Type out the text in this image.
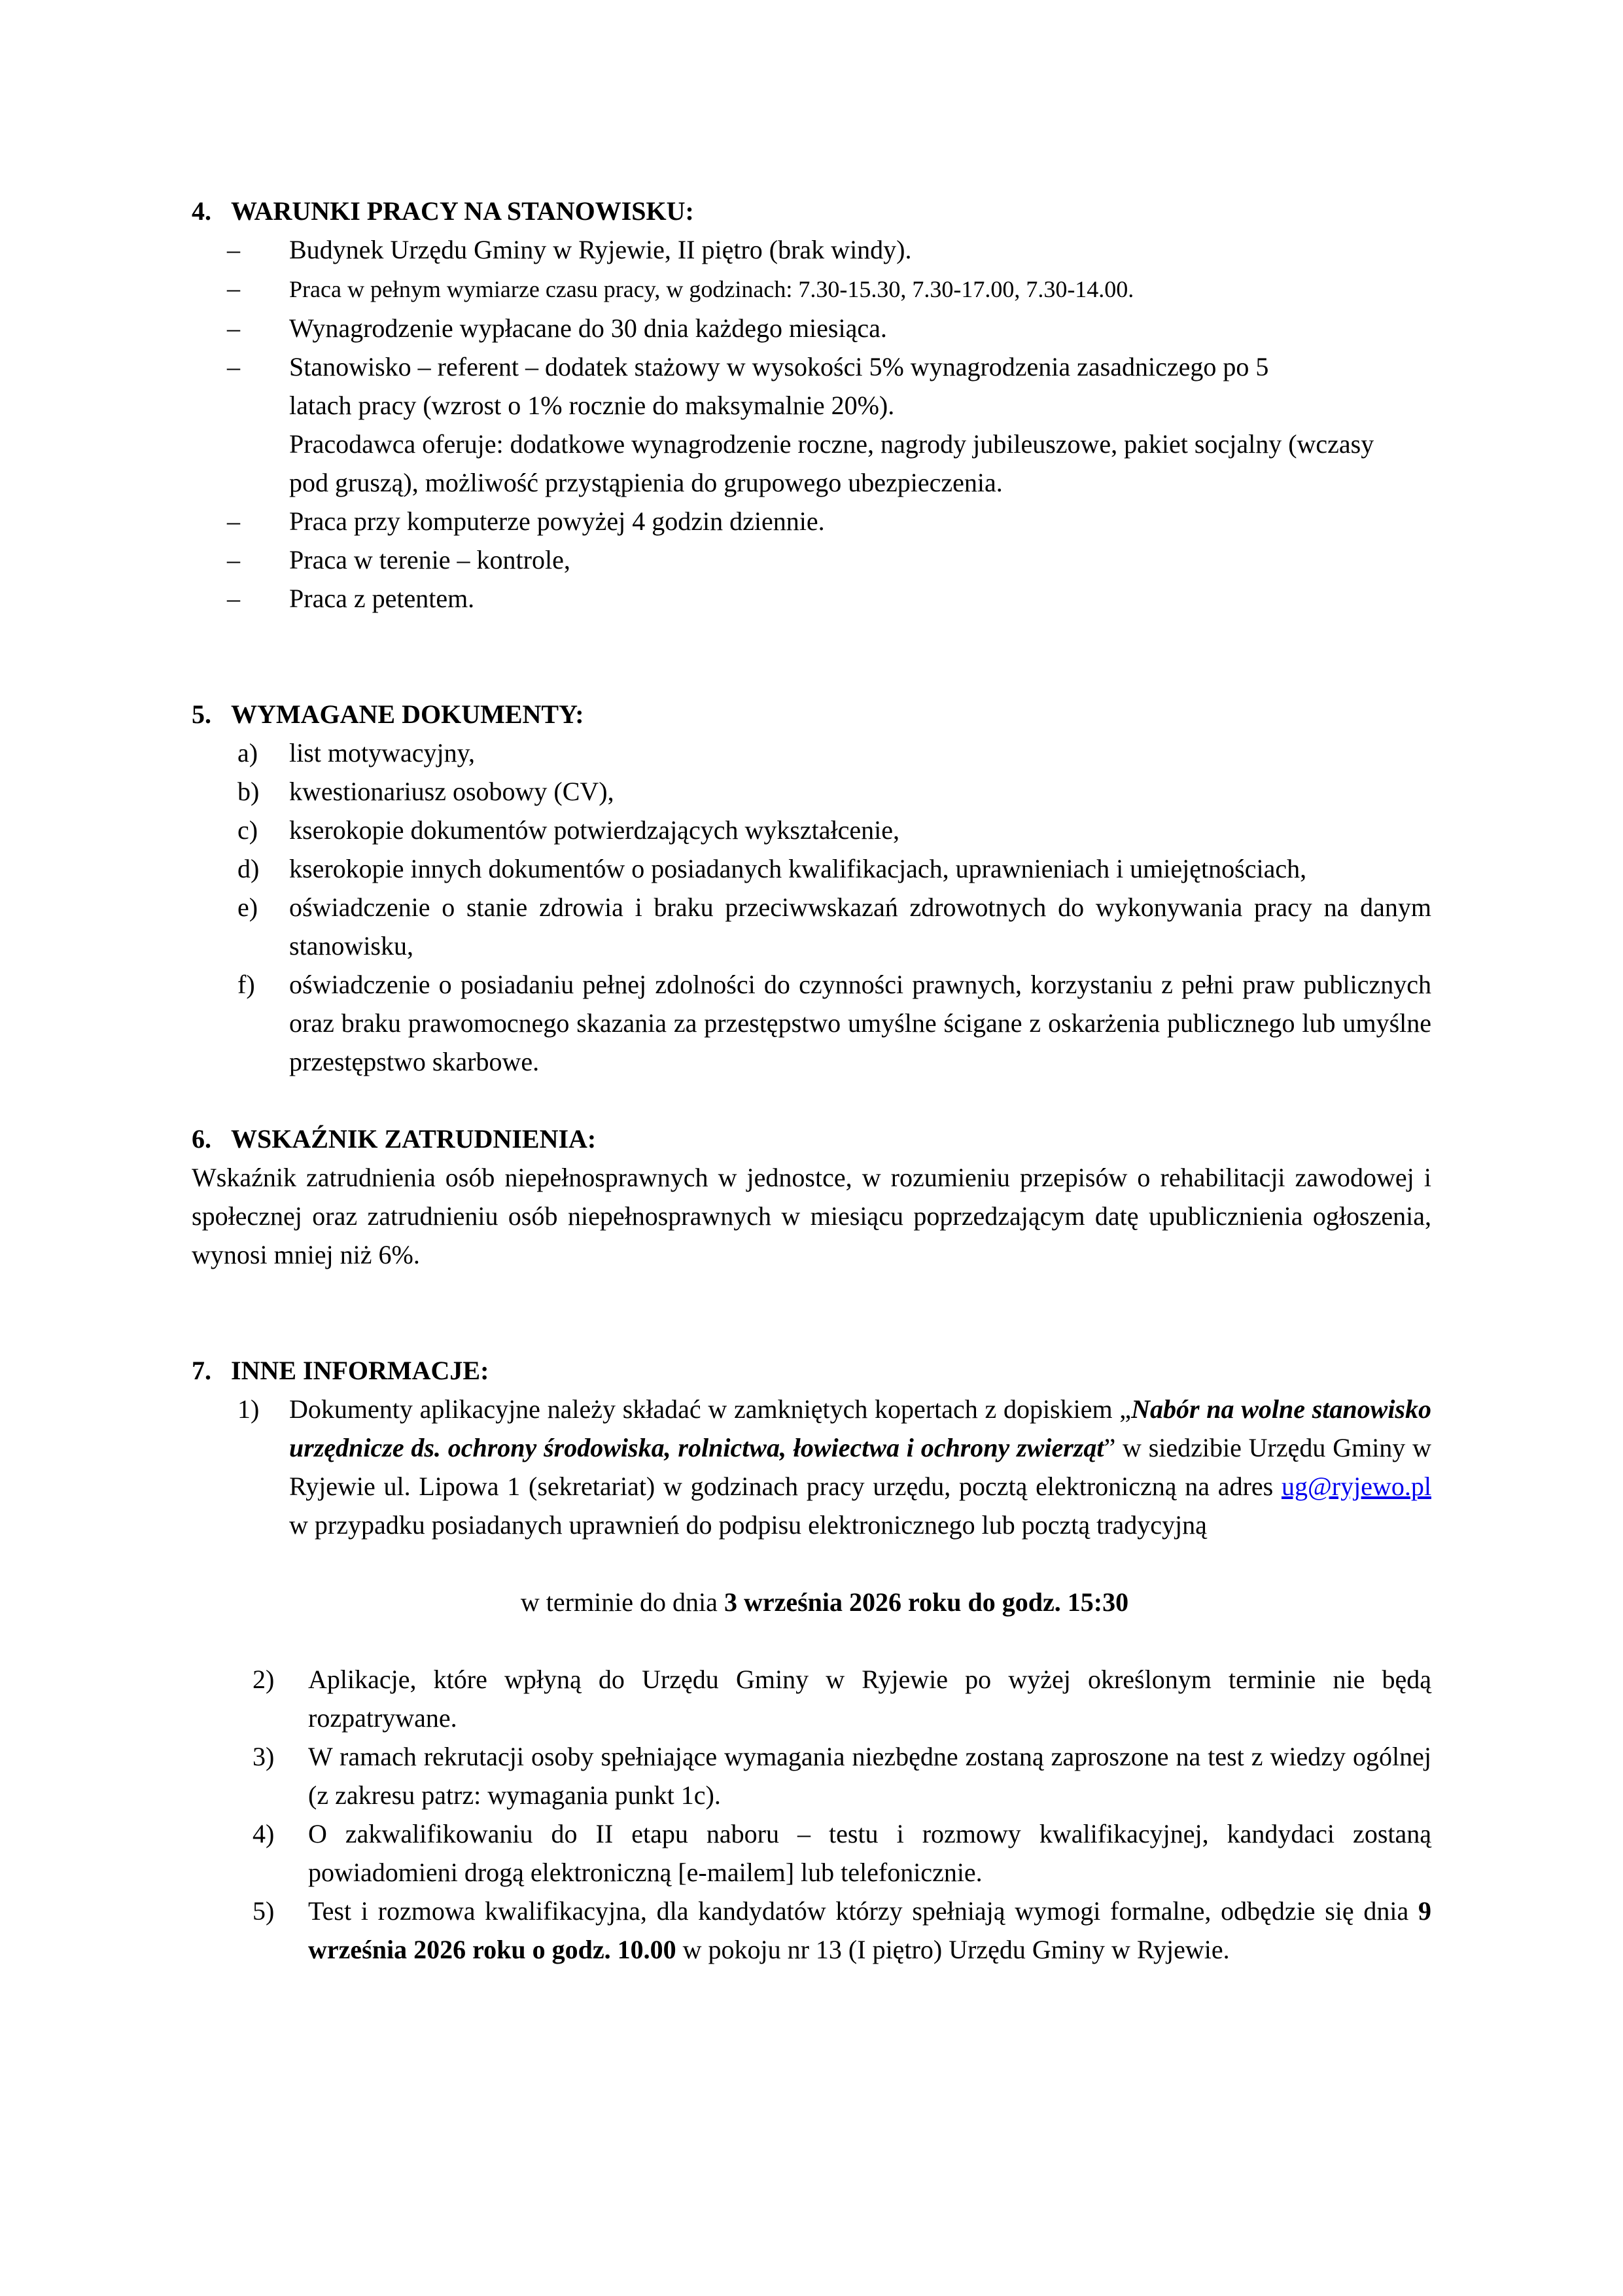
4. WARUNKI PRACY NA STANOWISKU:

– Budynek Urzędu Gminy w Ryjewie, II piętro (brak windy).

– Praca w pełnym wymiarze czasu pracy, w godzinach: 7.30-15.30, 7.30-17.00, 7.30-14.00.

– Wynagrodzenie wypłacane do 30 dnia każdego miesiąca.

– Stanowisko – referent – dodatek stażowy w wysokości 5% wynagrodzenia zasadniczego po 5 latach pracy (wzrost o 1% rocznie do maksymalnie 20%).

Pracodawca oferuje: dodatkowe wynagrodzenie roczne, nagrody jubileuszowe, pakiet socjalny (wczasy pod gruszą), możliwość przystąpienia do grupowego ubezpieczenia.

– Praca przy komputerze powyżej 4 godzin dziennie.

– Praca w terenie – kontrole,

– Praca z petentem.

5. WYMAGANE DOKUMENTY:

a) list motywacyjny,

b) kwestionariusz osobowy (CV),

c) kserokopie dokumentów potwierdzających wykształcenie,

d) kserokopie innych dokumentów o posiadanych kwalifikacjach, uprawnieniach i umiejętnościach,

e) oświadczenie o stanie zdrowia i braku przeciwwskazań zdrowotnych do wykonywania pracy na danym stanowisku,

f) oświadczenie o posiadaniu pełnej zdolności do czynności prawnych, korzystaniu z pełni praw publicznych oraz braku prawomocnego skazania za przestępstwo umyślne ścigane z oskarżenia publicznego lub umyślne przestępstwo skarbowe.

6. WSKAŹNIK ZATRUDNIENIA:

Wskaźnik zatrudnienia osób niepełnosprawnych w jednostce, w rozumieniu przepisów o rehabilitacji zawodowej i społecznej oraz zatrudnieniu osób niepełnosprawnych w miesiącu poprzedzającym datę upublicznienia ogłoszenia, wynosi mniej niż 6%.

7. INNE INFORMACJE:

1) Dokumenty aplikacyjne należy składać w zamkniętych kopertach z dopiskiem „Nabór na wolne stanowisko urzędnicze ds. ochrony środowiska, rolnictwa, łowiectwa i ochrony zwierząt” w siedzibie Urzędu Gminy w Ryjewie ul. Lipowa 1 (sekretariat) w godzinach pracy urzędu, pocztą elektroniczną na adres ug@ryjewo.pl w przypadku posiadanych uprawnień do podpisu elektronicznego lub pocztą tradycyjną

w terminie do dnia 3 września 2026 roku do godz. 15:30

2) Aplikacje, które wpłyną do Urzędu Gminy w Ryjewie po wyżej określonym terminie nie będą rozpatrywane.

3) W ramach rekrutacji osoby spełniające wymagania niezbędne zostaną zaproszone na test z wiedzy ogólnej (z zakresu patrz: wymagania punkt 1c).

4) O zakwalifikowaniu do II etapu naboru – testu i rozmowy kwalifikacyjnej, kandydaci zostaną powiadomieni drogą elektroniczną [e-mailem] lub telefonicznie.

5) Test i rozmowa kwalifikacyjna, dla kandydatów którzy spełniają wymogi formalne, odbędzie się dnia 9 września 2026 roku o godz. 10.00 w pokoju nr 13 (I piętro) Urzędu Gminy w Ryjewie.
